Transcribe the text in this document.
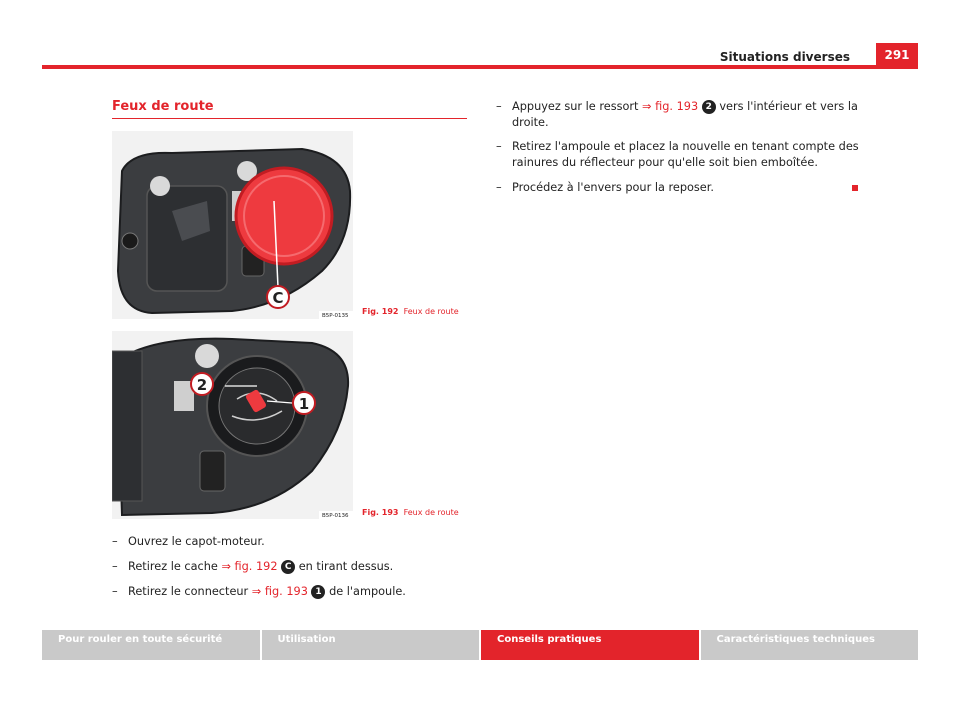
Situations diverses	291
Feux de route
C
B5P-0135 Fig. 192 Feux de route
2
1
B5P-0136 Fig. 193 Feux de route
– Ouvrez le capot-moteur.
– Retirez le cache ⇒ fig. 192 C en tirant dessus.
– Retirez le connecteur ⇒ fig. 193 1 de l'ampoule.
– Appuyez sur le ressort ⇒ fig. 193 2 vers l'intérieur et vers la
droite.
– Retirez l'ampoule et placez la nouvelle en tenant compte des
rainures du réflecteur pour qu'elle soit bien emboîtée.
– Procédez à l'envers pour la reposer.
Pour rouler en toute sécurité	Utilisation	Conseils pratiques	Caractéristiques techniques
